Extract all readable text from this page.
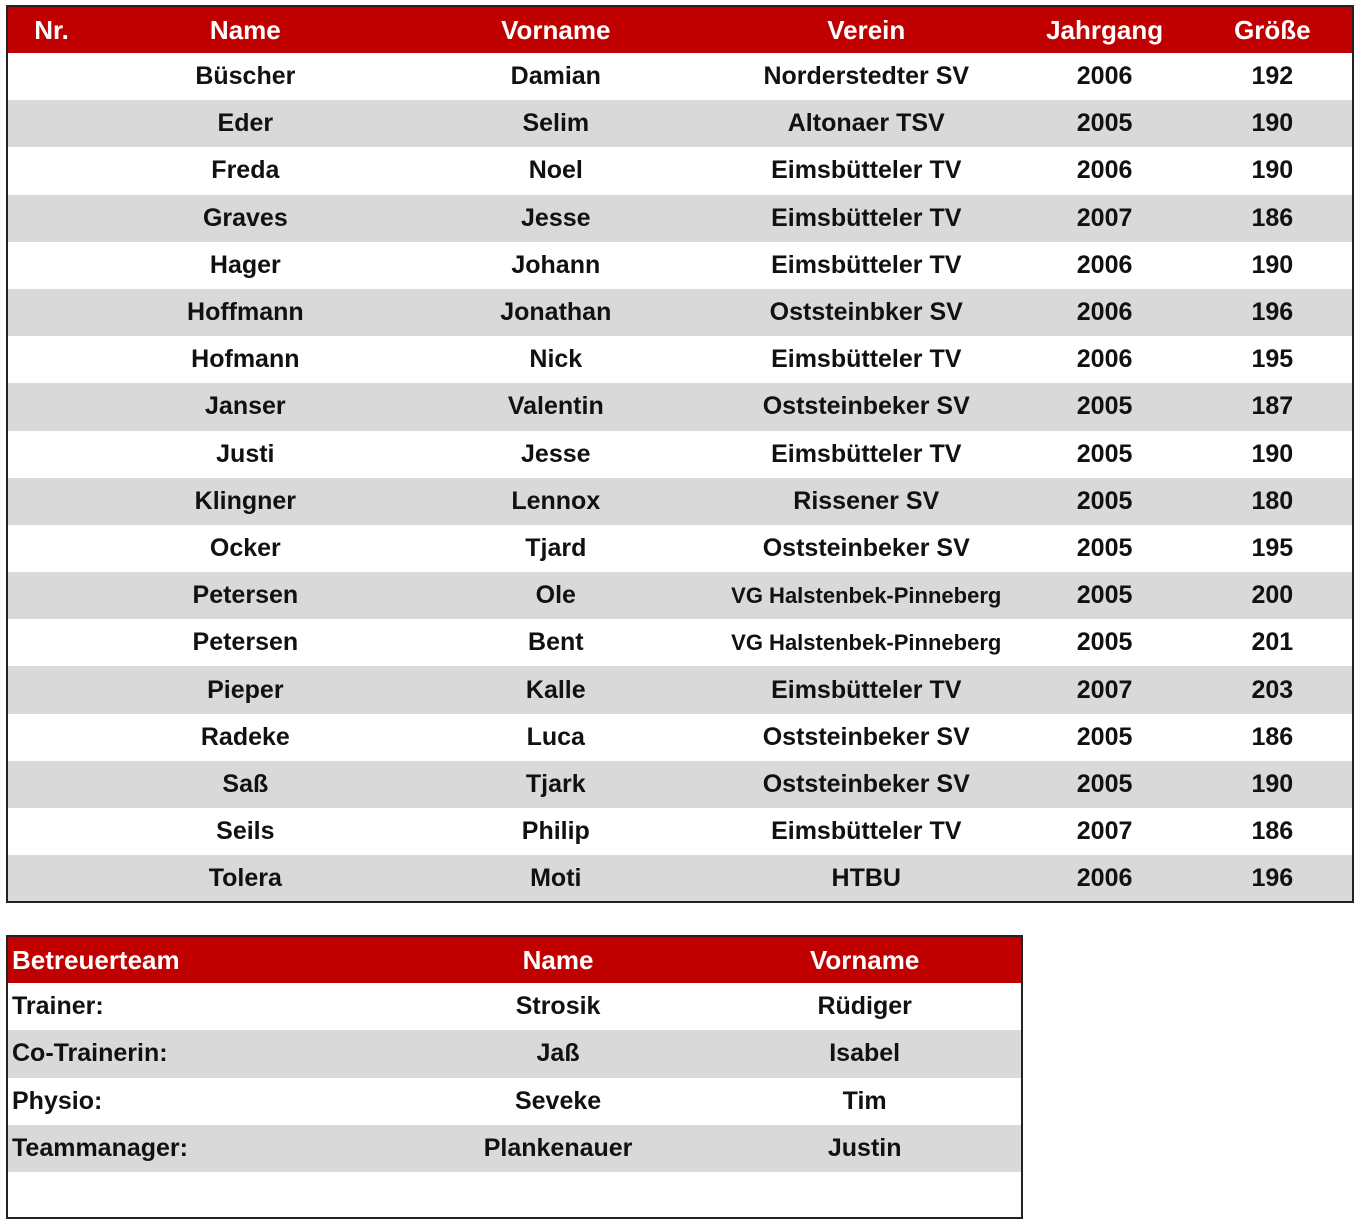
Nr.	Name	Vorname	Verein	Jahrgang	Größe
	Büscher	Damian	Norderstedter SV	2006	192
	Eder	Selim	Altonaer TSV	2005	190
	Freda	Noel	Eimsbütteler TV	2006	190
	Graves	Jesse	Eimsbütteler TV	2007	186
	Hager	Johann	Eimsbütteler TV	2006	190
	Hoffmann	Jonathan	Oststeinbker SV	2006	196
	Hofmann	Nick	Eimsbütteler TV	2006	195
	Janser	Valentin	Oststeinbeker SV	2005	187
	Justi	Jesse	Eimsbütteler TV	2005	190
	Klingner	Lennox	Rissener SV	2005	180
	Ocker	Tjard	Oststeinbeker SV	2005	195
	Petersen	Ole	VG Halstenbek-Pinneberg	2005	200
	Petersen	Bent	VG Halstenbek-Pinneberg	2005	201
	Pieper	Kalle	Eimsbütteler TV	2007	203
	Radeke	Luca	Oststeinbeker SV	2005	186
	Saß	Tjark	Oststeinbeker SV	2005	190
	Seils	Philip	Eimsbütteler TV	2007	186
	Tolera	Moti	HTBU	2006	196
Betreuerteam	Name	Vorname
Trainer:	Strosik	Rüdiger
Co-Trainerin:	Jaß	Isabel
Physio:	Seveke	Tim
Teammanager:	Plankenauer	Justin
